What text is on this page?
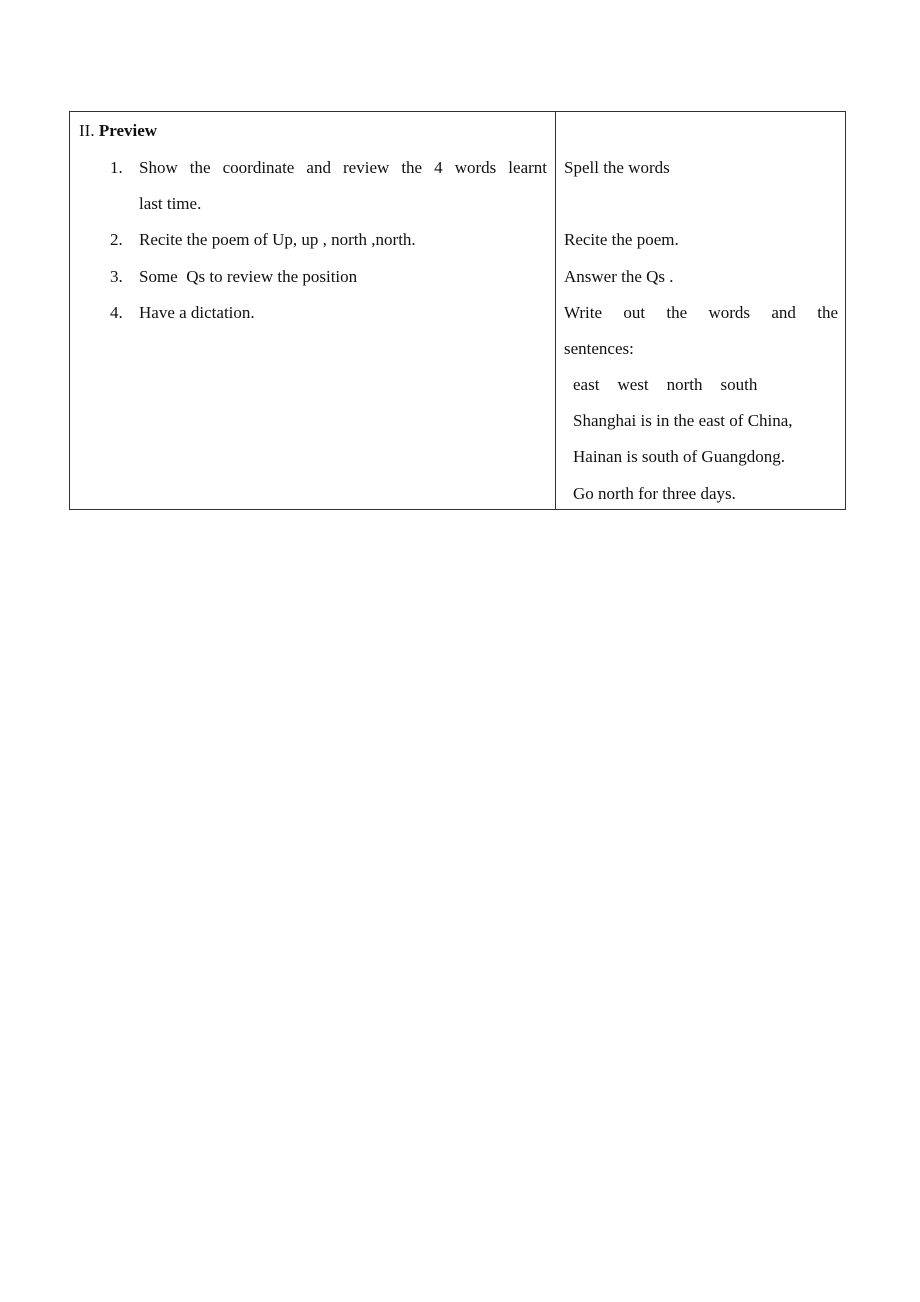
II. Preview
1. Show the coordinate and review the 4 words learnt
last time.
2. Recite the poem of Up, up , north ,north.
3. Some  Qs to review the position
4. Have a dictation.
Spell the words
Recite the poem.
Answer the Qs .
Write out the words and the
sentences:
east west north south
Shanghai is in the east of China,
Hainan is south of Guangdong.
Go north for three days.
